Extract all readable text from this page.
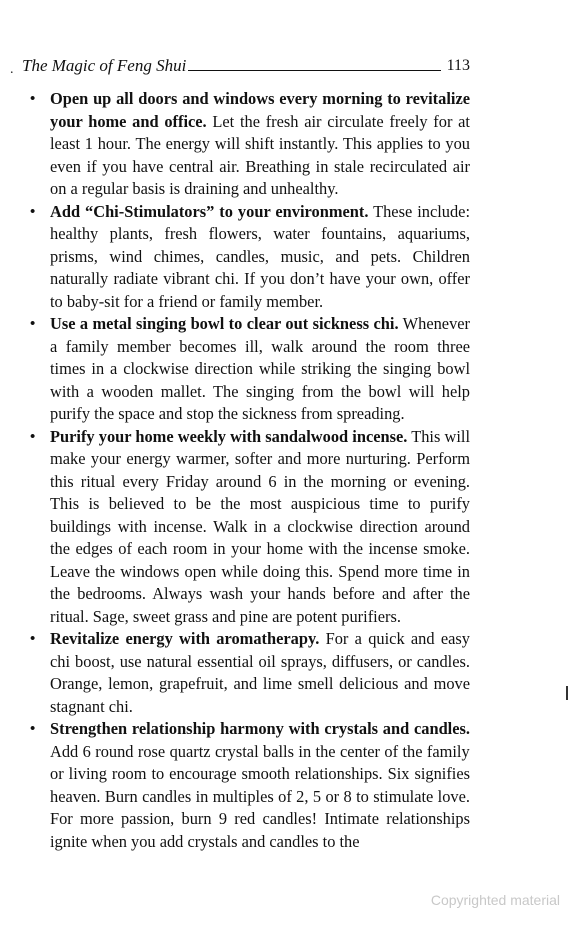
The Magic of Feng Shui	113
.
• Open up all doors and windows every morning to revitalize your home and office. Let the fresh air circulate freely for at least 1 hour. The energy will shift instantly. This applies to you even if you have central air. Breathing in stale recirculated air on a regular basis is draining and unhealthy.
• Add “Chi-Stimulators” to your environment. These include: healthy plants, fresh flowers, water fountains, aquariums, prisms, wind chimes, candles, music, and pets. Children naturally radiate vibrant chi. If you don’t have your own, offer to baby-sit for a friend or family member.
• Use a metal singing bowl to clear out sickness chi. Whenever a family member becomes ill, walk around the room three times in a clockwise direction while striking the singing bowl with a wooden mallet. The singing from the bowl will help purify the space and stop the sickness from spreading.
• Purify your home weekly with sandalwood incense. This will make your energy warmer, softer and more nurturing. Perform this ritual every Friday around 6 in the morning or evening. This is believed to be the most auspicious time to purify buildings with incense. Walk in a clockwise direction around the edges of each room in your home with the incense smoke. Leave the windows open while doing this. Spend more time in the bedrooms. Always wash your hands before and after the ritual. Sage, sweet grass and pine are potent purifiers.
• Revitalize energy with aromatherapy. For a quick and easy chi boost, use natural essential oil sprays, diffusers, or candles. Orange, lemon, grapefruit, and lime smell delicious and move stagnant chi.
• Strengthen relationship harmony with crystals and candles. Add 6 round rose quartz crystal balls in the center of the family or living room to encourage smooth relationships. Six signifies heaven. Burn candles in multiples of 2, 5 or 8 to stimulate love. For more passion, burn 9 red candles! Intimate relationships ignite when you add crystals and candles to the
Copyrighted material
